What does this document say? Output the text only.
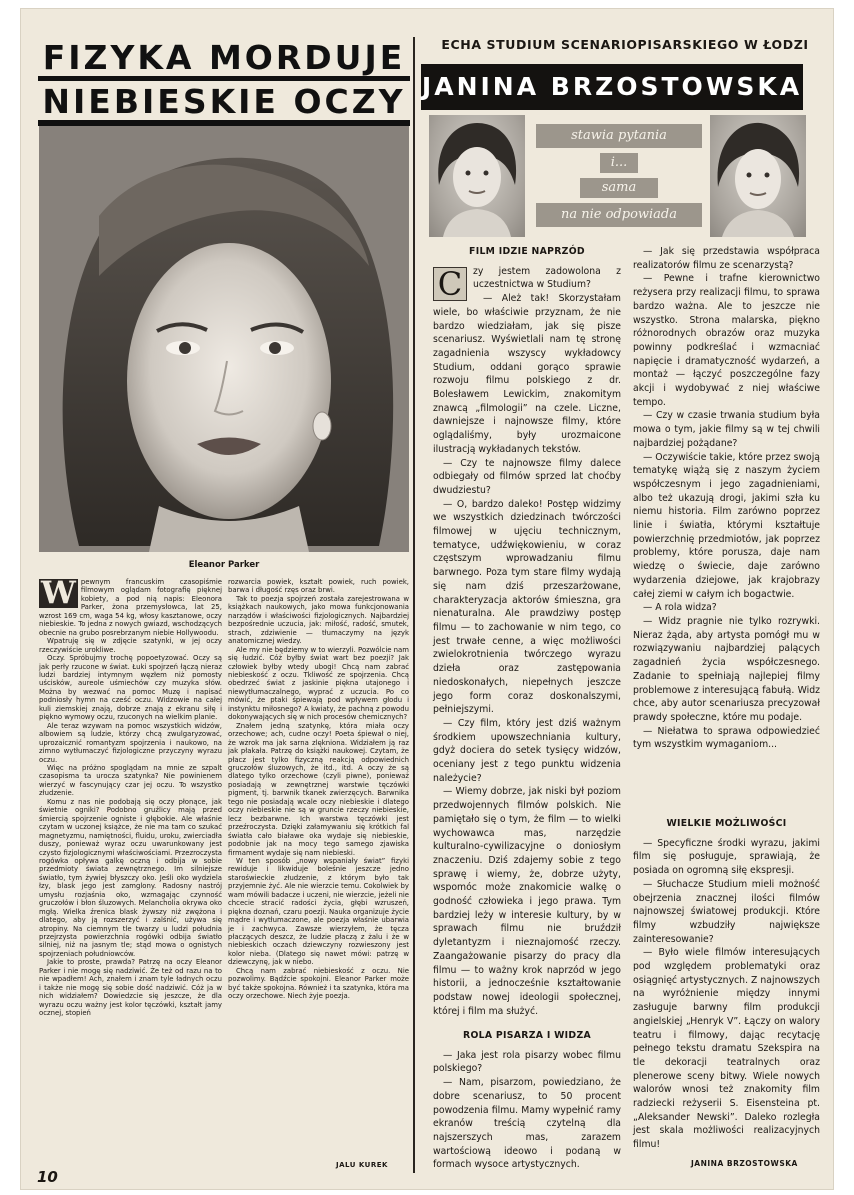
FIZYKA MORDUJE
NIEBIESKIE OCZY
Eleanor Parker

W pewnym francuskim czasopiśmie filmowym oglądam fotografię pięknej kobiety, a pod nią napis: Eleonora Parker, żona przemysłowca, lat 25, wzrost 169 cm, waga 54 kg, włosy kasztanowe, oczy niebieskie. To jedna z nowych gwiazd, wschodzących obecnie na grubo posrebrzanym niebie Hollywoodu.

Wpatruję się w zdjęcie szatynki, w jej oczy rzeczywiście urokliwe.

Oczy. Spróbujmy trochę popoetyzować. Oczy są jak perły rzucone w świat. Łuki spojrzeń łączą nieraz ludzi bardziej intymnym węzłem niż pomosty uścisków, aureole uśmiechów czy muzyka słów. Można by wezwać na pomoc Muzę i napisać podniosły hymn na cześć oczu. Widzowie na całej kuli ziemskiej znają, dobrze znają z ekranu siłę i piękno wymowy oczu, rzuconych na wielkim planie.

Ale teraz wzywam na pomoc wszystkich widzów, albowiem są ludzie, którzy chcą zwulgaryzować, uprozaicznić romantyzm spojrzenia i naukowo, na zimno wytłumaczyć fizjologiczne przyczyny wyrazu oczu.

Więc na próżno spoglądam na mnie ze szpalt czasopisma ta urocza szatynka? Nie powinienem wierzyć w fascynujący czar jej oczu. To wszystko złudzenie.

Komu z nas nie podobają się oczy płonące, jak świetnie ogniki? Podobno gruźlicy mają przed śmiercią spojrzenie ogniste i głębokie. Ale właśnie czytam w uczonej książce, że nie ma tam co szukać magnetyzmu, namiętności, fluidu, uroku, zwierciadła duszy, ponieważ wyraz oczu uwarunkowany jest czysto fizjologicznymi właściwościami. Przezroczysta rogówka opływa galkę oczną i odbija w sobie przedmioty świata zewnętrznego. Im silniejsze światło, tym żywiej błyszczy oko. Jeśli oko wydziela łzy, blask jego jest zamglony. Radosny nastrój umysłu rozjaśnia oko, wzmagając czynność gruczołów i błon śluzowych. Melancholia okrywa oko mgłą. Wielka źrenica blask żywszy niż zwężona i dlatego, aby ją rozszerzyć i zalśnić, używa się atropiny. Na ciemnym tle twarzy u ludzi południa przejrzysta powierzchnia rogówki odbija światło silniej, niż na jasnym tle; stąd mowa o ognistych spojrzeniach południowców.

Jakie to proste, prawda? Patrzę na oczy Eleanor Parker i nie mogę się nadziwić. Że też od razu na to nie wpadłem! Ach, znałem i znam tyle ładnych oczu i także nie mogę się sobie dość nadziwić. Cóż ja w nich widziałem? Dowiedzcie się jeszcze, że dla wyrazu oczu ważny jest kolor tęczówki, kształt jamy ocznej, stopień

rozwarcia powiek, kształt powiek, ruch powiek, barwa i długość rzęs oraz brwi.

Tak to poezja spojrzeń została zarejestrowana w książkach naukowych, jako mowa funkcjonowania narządów i właściwości fizjologicznych. Najbardziej bezpośrednie uczucia, jak: miłość, radość, smutek, strach, zdziwienie — tłumaczymy na język anatomicznej wiedzy.

Ale my nie będziemy w to wierzyli. Pozwólcie nam się łudzić. Cóż byłby świat wart bez poezji? Jak człowiek byłby wtedy ubogi! Chcą nam zabrać niebieskość z oczu. Tkliwość ze spojrzenia. Chcą obedrzeć świat z jaskinie piękna utajonego i niewytłumaczalnego, wyprać z uczucia. Po co mówić, że ptaki śpiewają pod wpływem głodu i instynktu miłosnego? A kwiaty, że pachną z powodu dokonywających się w nich procesów chemicznych?

Znałem jedną szatynkę, która miała oczy orzechowe; ach, cudne oczy! Poeta śpiewał o niej, że wzrok ma jak sarna zlękniona. Widziałem ją raz jak płakała. Patrzę do książki naukowej. Czytam, że płacz jest tylko fizyczną reakcją odpowiednich gruczołów śluzowych, że itd., itd. A oczy że są dlatego tylko orzechowe (czyli piwne), ponieważ posiadają w zewnętrznej warstwie tęczówki pigment, tj. barwnik tkanek zwierzęcych. Barwnika tego nie posiadają wcale oczy niebieskie i dlatego oczy niebieskie nie są w gruncie rzeczy niebieskie, lecz bezbarwne. Ich warstwa tęczówki jest przeźroczysta. Dzięki załamywaniu się krótkich fal światła cało białawe oka wydaje się niebieskie, podobnie jak na mocy tego samego zjawiska firmament wydaje się nam niebieski.

W ten sposób „nowy wspaniały świat” fizyki rewiduje i likwiduje boleśnie jeszcze jedno staroświeckie złudzenie, z którym było tak przyjemnie żyć. Ale nie wierzcie temu. Cokolwiek by wam mówili badacze i uczeni, nie wierzcie, jeżeli nie chcecie stracić radości życia, głębi wzruszeń, piękna doznań, czaru poezji. Nauka organizuje życie mądre i wytłumaczone, ale poezja właśnie ubarwia je i zachwyca. Zawsze wierzyłem, że tęcza płaczących deszcz, że ludzie płaczą z żalu i że w niebieskich oczach dziewczyny rozwieszony jest kolor nieba. (Dlatego się nawet mówi: patrzę w dziewczynę, jak w niebo.

Chcą nam zabrać niebieskość z oczu. Nie pozwolimy. Bądźcie spokojni. Eleanor Parker może być także spokojna. Również i ta szatynka, która ma oczy orzechowe. Niech żyje poezja.

JALU KUREK
10
ECHA STUDIUM SCENARIOPISARSKIEGO W ŁODZI
JANINA BRZOSTOWSKA
stawia pytania
i...
sama
na nie odpowiada
FILM IDZIE NAPRZÓD

C	zy jestem zadowolona z uczestnictwa w Studium?

— Ależ tak! Skorzystałam wiele, bo właściwie przyznam, że nie bardzo wiedziałam, jak się pisze scenariusz. Wyświetlali nam tę stronę zagadnienia wszyscy wykładowcy Studium, oddani gorąco sprawie rozwoju filmu polskiego z dr. Bolesławem Lewickim, znakomitym znawcą „filmologii” na czele. Liczne, dawniejsze i najnowsze filmy, które oglądaliśmy, były urozmaicone ilustracją wykładanych tekstów.

— Czy te najnowsze filmy dalece odbiegały od filmów sprzed lat choćby dwudziestu?

— O, bardzo daleko! Postęp widzimy we wszystkich dziedzinach twórczości filmowej w ujęciu technicznym, tematyce, udźwiękowieniu, w coraz częstszym wprowadzaniu filmu barwnego. Poza tym stare filmy wydają się nam dziś przeszarżowane, charakteryzacja aktorów śmieszna, gra nienaturalna. Ale prawdziwy postęp filmu — to zachowanie w nim tego, co jest trwałe cenne, a więc możliwości zwielokrotnienia twórczego wyrazu dzieła oraz zastępowania niedoskonałych, niepełnych jeszcze jego form coraz doskonalszymi, pełniejszymi.

— Czy film, który jest dziś ważnym środkiem upowszechniania kultury, gdyż dociera do setek tysięcy widzów, oceniany jest z tego punktu widzenia należycie?

— Wiemy dobrze, jak niski był poziom przedwojennych filmów polskich. Nie pamiętało się o tym, że film — to wielki wychowawca mas, narzędzie kulturalno-cywilizacyjne o doniosłym znaczeniu. Dziś zdajemy sobie z tego sprawę i wiemy, że, dobrze użyty, wspomóc może znakomicie walkę o godność człowieka i jego prawa. Tym bardziej leży w interesie kultury, by w sprawach filmu nie bruździł dyletantyzm i nieznajomość rzeczy. Zaangażowanie pisarzy do pracy dla filmu — to ważny krok naprzód w jego historii, a jednocześnie kształtowanie podstaw nowej ideologii społecznej, której i film ma służyć.

ROLA PISARZA I WIDZA

— Jaka jest rola pisarzy wobec filmu polskiego?

— Nam, pisarzom, powiedziano, że dobre scenariusz, to 50 procent powodzenia filmu. Mamy wypełnić ramy ekranów treścią czytelną dla najszerszych mas, zarazem wartościową ideowo i podaną w formach wysoce artystycznych.

— Jak się przedstawia współpraca realizatorów filmu ze scenarzystą?

— Pewne i trafne kierownictwo reżysera przy realizacji filmu, to sprawa bardzo ważna. Ale to jeszcze nie wszystko. Strona malarska, piękno różnorodnych obrazów oraz muzyka powinny podkreślać i wzmacniać napięcie i dramatyczność wydarzeń, a montaż — łączyć poszczególne fazy akcji i wydobywać z niej właściwe tempo.

— Czy w czasie trwania studium była mowa o tym, jakie filmy są w tej chwili najbardziej pożądane?

— Oczywiście takie, które przez swoją tematykę wiążą się z naszym życiem współczesnym i jego zagadnieniami, albo też ukazują drogi, jakimi szła ku niemu historia. Film zarówno poprzez linie i światła, którymi kształtuje powierzchnię przedmiotów, jak poprzez problemy, które porusza, daje nam wiedzę o świecie, daje zarówno wydarzenia dziejowe, jak krajobrazy całej ziemi w całym ich bogactwie.

— A rola widza?

— Widz pragnie nie tylko rozrywki. Nieraz żąda, aby artysta pomógł mu w rozwiązywaniu najbardziej palących zagadnień życia współczesnego. Zadanie to spełniają najlepiej filmy problemowe z interesującą fabułą. Widz chce, aby autor scenariusza precyzował prawdy społeczne, które mu podaje.

— Niełatwa to sprawa odpowiedzieć tym wszystkim wymaganiom...

WIELKIE MOŻLIWOŚCI

— Specyficzne środki wyrazu, jakimi film się posługuje, sprawiają, że posiada on ogromną siłę ekspresji.

— Słuchacze Studium mieli możność obejrzenia znacznej ilości filmów najnowszej światowej produkcji. Które filmy wzbudziły największe zainteresowanie?

— Było wiele filmów interesujących pod względem problematyki oraz osiągnięć artystycznych. Z najnowszych na wyróżnienie między innymi zasługuje barwny film produkcji angielskiej „Henryk V”. Łączy on walory teatru i filmowy, dając recytację pełnego tekstu dramatu Szekspira na tle dekoracji teatralnych oraz plenerowe sceny bitwy. Wiele nowych walorów wnosi też znakomity film radziecki reżyserii S. Eisensteina pt. „Aleksander Newski”. Daleko rozległa jest skala możliwości realizacyjnych filmu!

JANINA BRZOSTOWSKA
